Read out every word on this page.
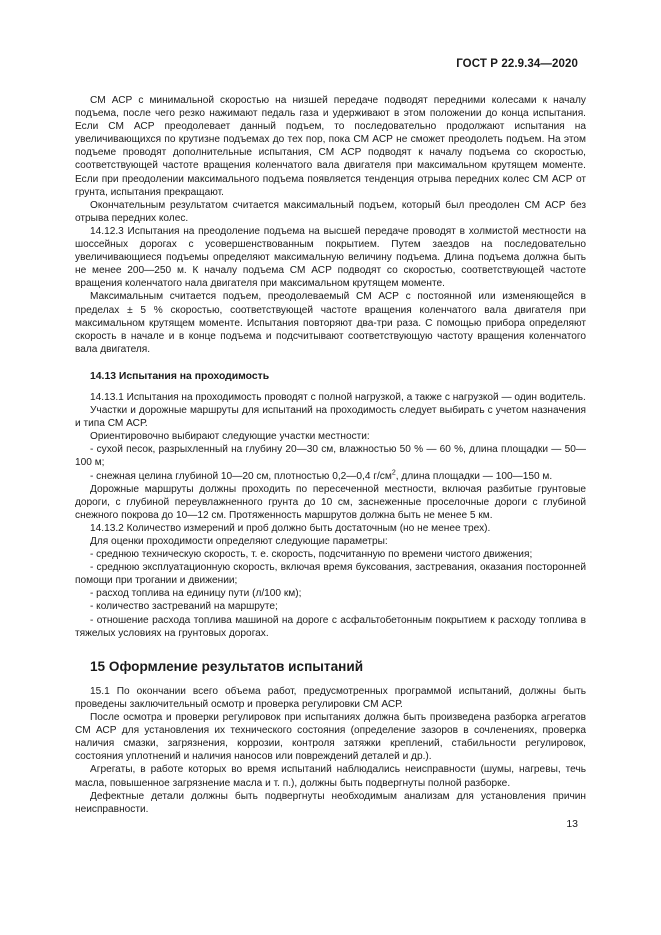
ГОСТ Р 22.9.34—2020

СМ АСР с минимальной скоростью на низшей передаче подводят передними колесами к началу подъема, после чего резко нажимают педаль газа и удерживают в этом положении до конца испытания. Если СМ АСР преодолевает данный подъем, то последовательно продолжают испытания на увеличивающихся по крутизне подъемах до тех пор, пока СМ АСР не сможет преодолеть подъем. На этом подъеме проводят дополнительные испытания, СМ АСР подводят к началу подъема со скоростью, соответствующей частоте вращения коленчатого вала двигателя при максимальном крутящем моменте. Если при преодолении максимального подъема появляется тенденция отрыва передних колес СМ АСР от грунта, испытания прекращают.

Окончательным результатом считается максимальный подъем, который был преодолен СМ АСР без отрыва передних колес.

14.12.3 Испытания на преодоление подъема на высшей передаче проводят в холмистой местности на шоссейных дорогах с усовершенствованным покрытием. Путем заездов на последовательно увеличивающиеся подъемы определяют максимальную величину подъема. Длина подъема должна быть не менее 200—250 м. К началу подъема СМ АСР подводят со скоростью, соответствующей частоте вращения коленчатого нала двигателя при максимальном крутящем моменте.

Максимальным считается подъем, преодолеваемый СМ АСР с постоянной или изменяющейся в пределах ± 5 % скоростью, соответствующей частоте вращения коленчатого вала двигателя при максимальном крутящем моменте. Испытания повторяют два-три раза. С помощью прибора определяют скорость в начале и в конце подъема и подсчитывают соответствующую частоту вращения коленчатого вала двигателя.

14.13 Испытания на проходимость

14.13.1 Испытания на проходимость проводят с полной нагрузкой, а также с нагрузкой — один водитель.

Участки и дорожные маршруты для испытаний на проходимость следует выбирать с учетом назначения и типа СМ АСР.

Ориентировочно выбирают следующие участки местности:

- сухой песок, разрыхленный на глубину 20—30 см, влажностью 50 % — 60 %, длина площадки — 50—100 м;

- снежная целина глубиной 10—20 см, плотностью 0,2—0,4 $г/см^2$, длина площадки — 100—150 м.

Дорожные маршруты должны проходить по пересеченной местности, включая разбитые грунтовые дороги, с глубиной переувлажненного грунта до 10 см, заснеженные проселочные дороги с глубиной снежного покрова до 10—12 см. Протяженность маршрутов должна быть не менее 5 км.

14.13.2 Количество измерений и проб должно быть достаточным (но не менее трех).

Для оценки проходимости определяют следующие параметры:

- среднюю техническую скорость, т. е. скорость, подсчитанную по времени чистого движения;

- среднюю эксплуатационную скорость, включая время буксования, застревания, оказания посторонней помощи при трогании и движении;

- расход топлива на единицу пути (л/100 км);

- количество застреваний на маршруте;

- отношение расхода топлива машиной на дороге с асфальтобетонным покрытием к расходу топлива в тяжелых условиях на грунтовых дорогах.

15 Оформление результатов испытаний

15.1 По окончании всего объема работ, предусмотренных программой испытаний, должны быть проведены заключительный осмотр и проверка регулировки СМ АСР.

После осмотра и проверки регулировок при испытаниях должна быть произведена разборка агрегатов СМ АСР для установления их технического состояния (определение зазоров в сочленениях, проверка наличия смазки, загрязнения, коррозии, контроля затяжки креплений, стабильности регулировок, состояния уплотнений и наличия наносов или повреждений деталей и др.).

Агрегаты, в работе которых во время испытаний наблюдались неисправности (шумы, нагревы, течь масла, повышенное загрязнение масла и т. п.), должны быть подвергнуты полной разборке.

Дефектные детали должны быть подвергнуты необходимым анализам для установления причин неисправности.

13
